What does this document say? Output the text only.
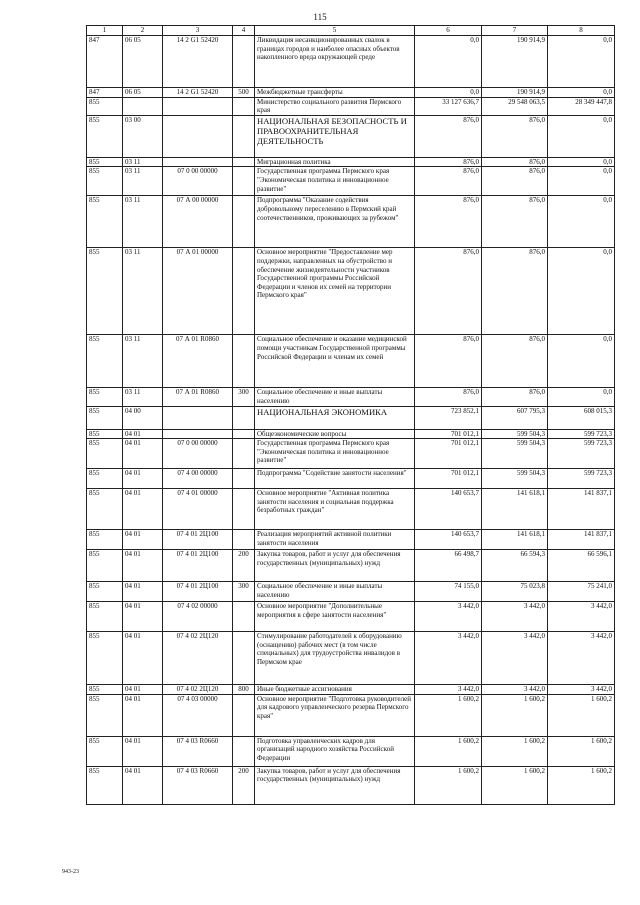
115
1	2	3	4	5	6	7	8
847	06 05	14 2 G1 52420		Ликвидация несанкционированных свалок в границах городов и наиболее опасных объектов накопленного вреда окружающей среде	0,0	190 914,9	0,0
847	06 05	14 2 G1 52420	500	Межбюджетные трансферты	0,0	190 914,9	0,0
855				Министерство социального развития Пермского края	33 127 636,7	29 548 063,5	28 349 447,8
855	03 00			НАЦИОНАЛЬНАЯ БЕЗОПАСНОСТЬ И ПРАВООХРАНИТЕЛЬНАЯ ДЕЯТЕЛЬНОСТЬ	876,0	876,0	0,0
855	03 11			Миграционная политика	876,0	876,0	0,0
855	03 11	07 0 00 00000		Государственная программа Пермского края "Экономическая политика и инновационное развитие"	876,0	876,0	0,0
855	03 11	07 А 00 00000		Подпрограмма "Оказание содействия добровольному переселению в Пермский край соотечественников, проживающих за рубежом"	876,0	876,0	0,0
855	03 11	07 А 01 00000		Основное мероприятие "Предоставление мер поддержки, направленных на обустройство и обеспечение жизнедеятельности участников Государственной программы Российской Федерации и членов их семей на территории Пермского края"	876,0	876,0	0,0
855	03 11	07 А 01 R0860		Социальное обеспечение и оказание медицинской помощи участникам Государственной программы Российской Федерации и членам их семей	876,0	876,0	0,0
855	03 11	07 А 01 R0860	300	Социальное обеспечение и иные выплаты населению	876,0	876,0	0,0
855	04 00			НАЦИОНАЛЬНАЯ ЭКОНОМИКА	723 852,1	607 795,3	608 015,3
855	04 01			Общеэкономические вопросы	701 012,1	599 504,3	599 723,3
855	04 01	07 0 00 00000		Государственная программа Пермского края "Экономическая политика и инновационное развитие"	701 012,1	599 504,3	599 723,3
855	04 01	07 4 00 00000		Подпрограмма "Содействие занятости населения"	701 012,1	599 504,3	599 723,3
855	04 01	07 4 01 00000		Основное мероприятие "Активная политика занятости населения и социальная поддержка безработных граждан"	140 653,7	141 618,1	141 837,1
855	04 01	07 4 01 2Ц100		Реализация мероприятий активной политики занятости населения	140 653,7	141 618,1	141 837,1
855	04 01	07 4 01 2Ц100	200	Закупка товаров, работ и услуг для обеспечения государственных (муниципальных) нужд	66 498,7	66 594,3	66 596,1
855	04 01	07 4 01 2Ц100	300	Социальное обеспечение и иные выплаты населению	74 155,0	75 023,8	75 241,0
855	04 01	07 4 02 00000		Основное мероприятие "Дополнительные мероприятия в сфере занятости населения"	3 442,0	3 442,0	3 442,0
855	04 01	07 4 02 2Ц120		Стимулирование работодателей к оборудованию (оснащению) рабочих мест (в том числе специальных) для трудоустройства инвалидов в Пермском крае	3 442,0	3 442,0	3 442,0
855	04 01	07 4 02 2Ц120	800	Иные бюджетные ассигнования	3 442,0	3 442,0	3 442,0
855	04 01	07 4 03 00000		Основное мероприятие "Подготовка руководителей для кадрового управленческого резерва Пермского края"	1 600,2	1 600,2	1 600,2
855	04 01	07 4 03 R0660		Подготовка управленческих кадров для организаций народного хозяйства Российской Федерации	1 600,2	1 600,2	1 600,2
855	04 01	07 4 03 R0660	200	Закупка товаров, работ и услуг для обеспечения государственных (муниципальных) нужд	1 600,2	1 600,2	1 600,2
943-23
